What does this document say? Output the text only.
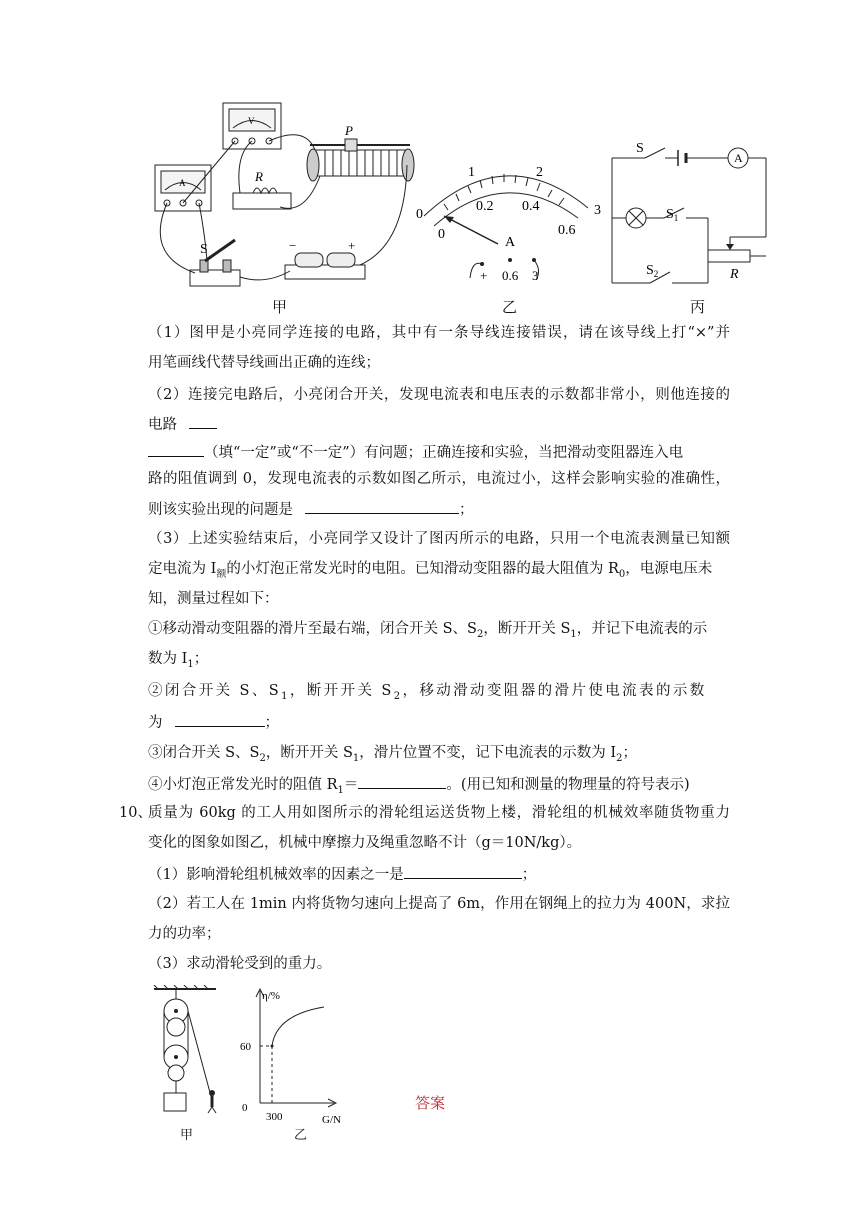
A
V
R
P
S	−	+
甲
0
1	2
3
0
0.2 0.4
0.6
A
+ 0.6 3
乙
A
S
$S_1$
$S_2$	R
丙
（1）图甲是小亮同学连接的电路，其中有一条导线连接错误，请在该导线上打“×”并
用笔画线代替导线画出正确的连线；
（2）连接完电路后，小亮闭合开关，发现电流表和电压表的示数都非常小，则他连接的
电路
（填“一定”或“不一定”）有问题；正确连接和实验，当把滑动变阻器连入电
路的阻值调到 0，发现电流表的示数如图乙所示，电流过小，这样会影响实验的准确性，
则该实验出现的问题是	；
（3）上述实验结束后，小亮同学又设计了图丙所示的电路，只用一个电流表测量已知额
定电流为 $I_额$的小灯泡正常发光时的电阻。已知滑动变阻器的最大阻值为 $R_0$，电源电压未
知，测量过程如下：
①移动滑动变阻器的滑片至最右端，闭合开关 S、$S_2$，断开开关 $S_1$，并记下电流表的示
数为 $I_1$；
②闭合开关 S、$S_1$，断开开关 $S_2$，移动滑动变阻器的滑片使电流表的示数
为	；
③闭合开关 S、$S_2$，断开开关 $S_1$，滑片位置不变，记下电流表的示数为 $I_2$；
④小灯泡正常发光时的阻值 $R_1=$	。(用已知和测量的物理量的符号表示)
10、
质量为 60kg 的工人用如图所示的滑轮组运送货物上楼，滑轮组的机械效率随货物重力
变化的图象如图乙，机械中摩擦力及绳重忽略不计（g＝10N/kg）。
（1）影响滑轮组机械效率的因素之一是	；
（2）若工人在 1min 内将货物匀速向上提高了 6m，作用在钢绳上的拉力为 400N，求拉
力的功率；
（3）求动滑轮受到的重力。
甲
η/%
G/N
0
60
300
乙
答案
